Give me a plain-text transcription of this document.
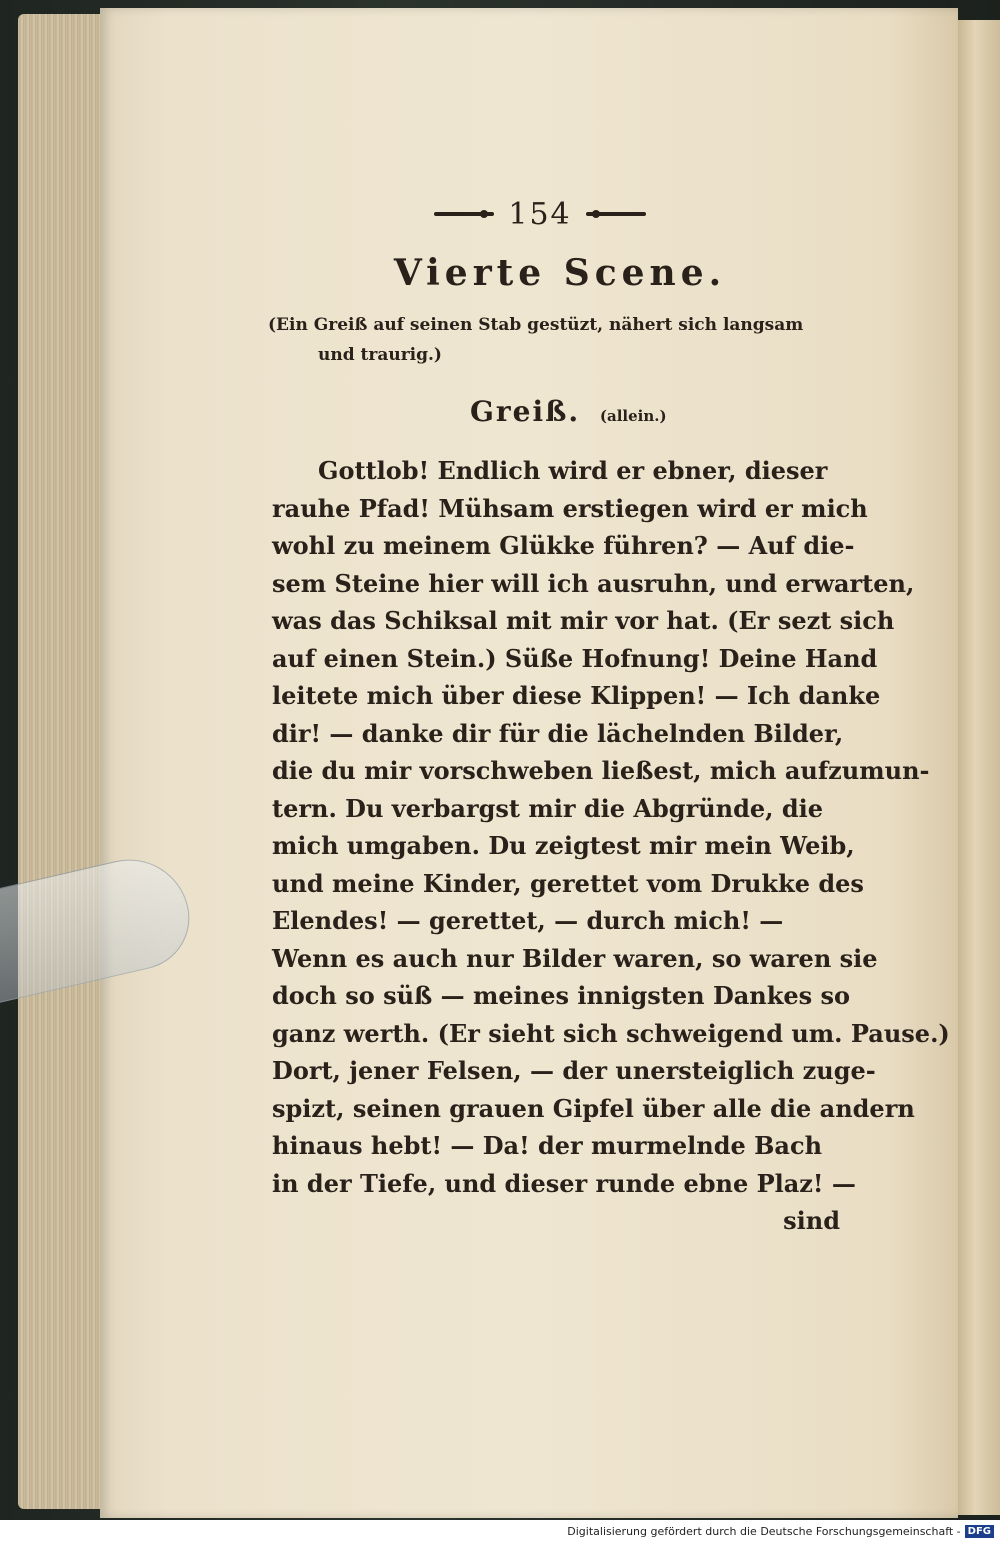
154
Vierte Scene.
(Ein Greiß auf seinen Stab gestüzt, nähert sich langsam
und traurig.)
Greiß. (allein.)
Gottlob! Endlich wird er ebner, dieser
rauhe Pfad! Mühsam erstiegen wird er mich
wohl zu meinem Glükke führen? — Auf die-
sem Steine hier will ich ausruhn, und erwarten,
was das Schiksal mit mir vor hat. (Er sezt sich
auf einen Stein.) Süße Hofnung! Deine Hand
leitete mich über diese Klippen! — Ich danke
dir! — danke dir für die lächelnden Bilder,
die du mir vorschweben ließest, mich aufzumun-
tern. Du verbargst mir die Abgründe, die
mich umgaben. Du zeigtest mir mein Weib,
und meine Kinder, gerettet vom Drukke des
Elendes! — gerettet, — durch mich! —
Wenn es auch nur Bilder waren, so waren sie
doch so süß — meines innigsten Dankes so
ganz werth. (Er sieht sich schweigend um. Pause.)
Dort, jener Felsen, — der unersteiglich zuge-
spizt, seinen grauen Gipfel über alle die andern
hinaus hebt! — Da! der murmelnde Bach
in der Tiefe, und dieser runde ebne Plaz! —
sind
Digitalisierung gefördert durch die Deutsche Forschungsgemeinschaft - DFG
